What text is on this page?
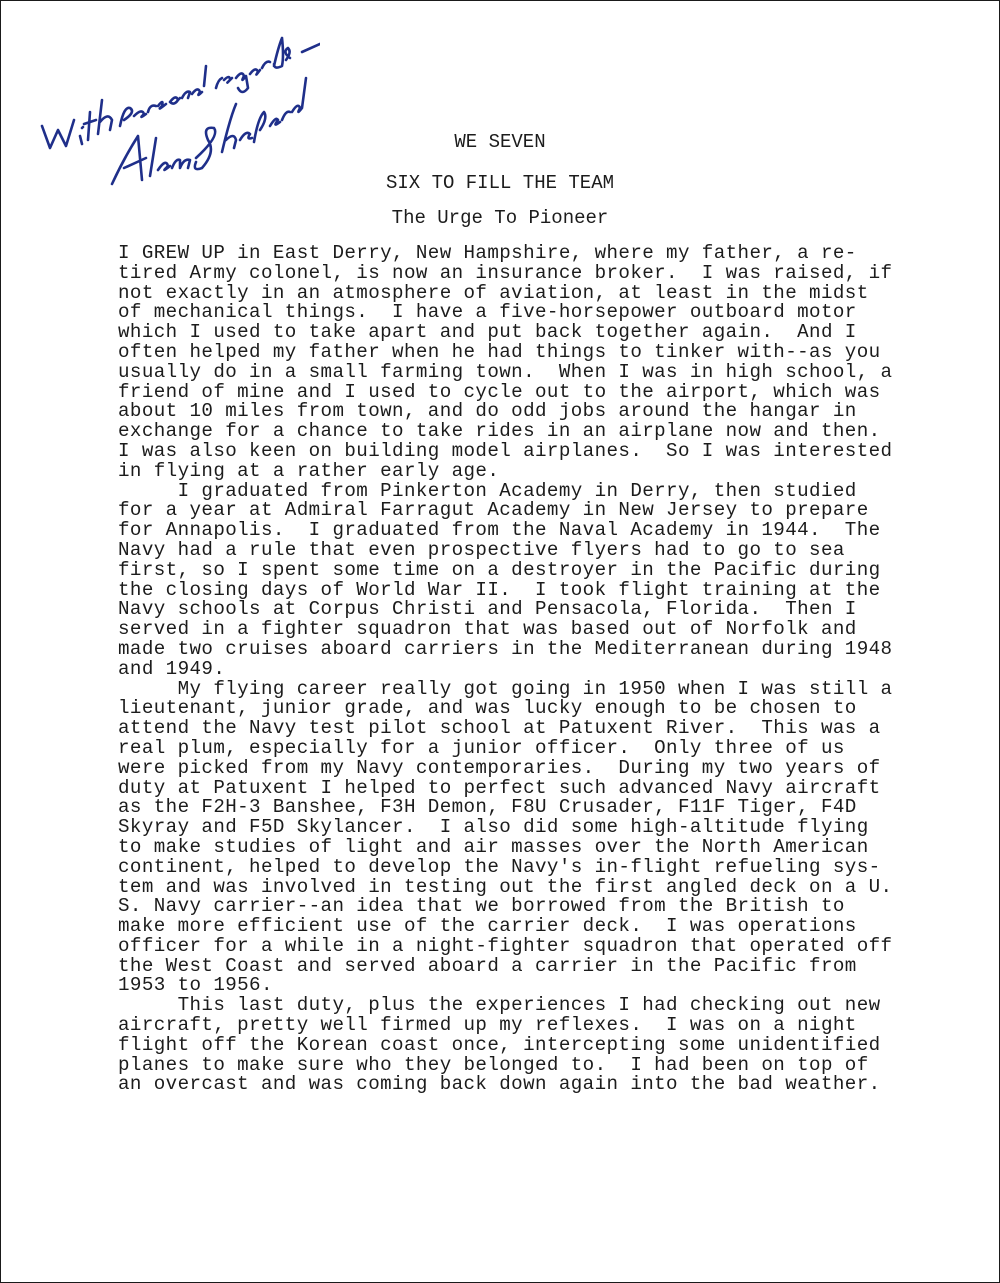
WE SEVEN
SIX TO FILL THE TEAM
The Urge To Pioneer
I GREW UP in East Derry, New Hampshire, where my father, a re-
tired Army colonel, is now an insurance broker.  I was raised, if
not exactly in an atmosphere of aviation, at least in the midst
of mechanical things.  I have a five-horsepower outboard motor
which I used to take apart and put back together again.  And I
often helped my father when he had things to tinker with--as you
usually do in a small farming town.  When I was in high school, a
friend of mine and I used to cycle out to the airport, which was
about 10 miles from town, and do odd jobs around the hangar in
exchange for a chance to take rides in an airplane now and then.
I was also keen on building model airplanes.  So I was interested
in flying at a rather early age.
I graduated from Pinkerton Academy in Derry, then studied
for a year at Admiral Farragut Academy in New Jersey to prepare
for Annapolis.  I graduated from the Naval Academy in 1944.  The
Navy had a rule that even prospective flyers had to go to sea
first, so I spent some time on a destroyer in the Pacific during
the closing days of World War II.  I took flight training at the
Navy schools at Corpus Christi and Pensacola, Florida.  Then I
served in a fighter squadron that was based out of Norfolk and
made two cruises aboard carriers in the Mediterranean during 1948
and 1949.
My flying career really got going in 1950 when I was still a
lieutenant, junior grade, and was lucky enough to be chosen to
attend the Navy test pilot school at Patuxent River.  This was a
real plum, especially for a junior officer.  Only three of us
were picked from my Navy contemporaries.  During my two years of
duty at Patuxent I helped to perfect such advanced Navy aircraft
as the F2H-3 Banshee, F3H Demon, F8U Crusader, F11F Tiger, F4D
Skyray and F5D Skylancer.  I also did some high-altitude flying
to make studies of light and air masses over the North American
continent, helped to develop the Navy's in-flight refueling sys-
tem and was involved in testing out the first angled deck on a U.
S. Navy carrier--an idea that we borrowed from the British to
make more efficient use of the carrier deck.  I was operations
officer for a while in a night-fighter squadron that operated off
the West Coast and served aboard a carrier in the Pacific from
1953 to 1956.
This last duty, plus the experiences I had checking out new
aircraft, pretty well firmed up my reflexes.  I was on a night
flight off the Korean coast once, intercepting some unidentified
planes to make sure who they belonged to.  I had been on top of
an overcast and was coming back down again into the bad weather.
